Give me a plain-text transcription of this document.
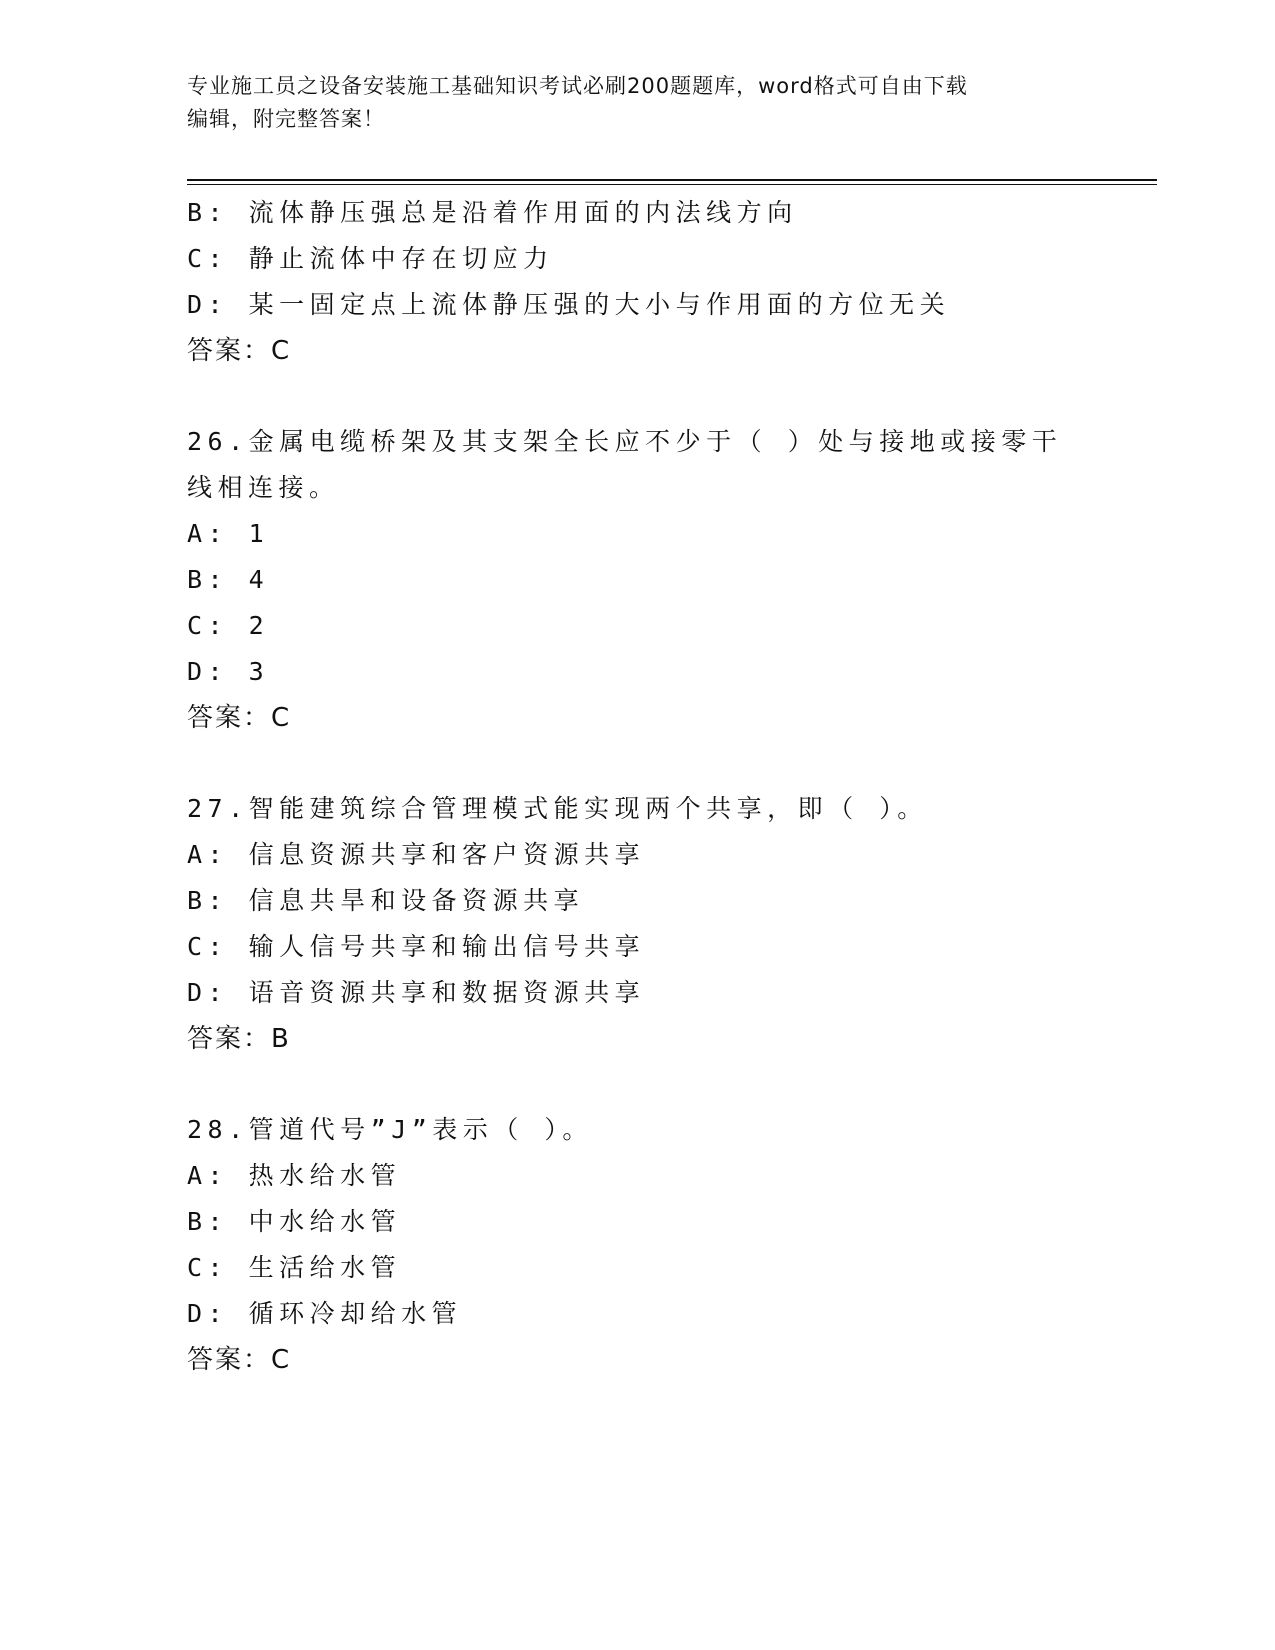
专业施工员之设备安装施工基础知识考试必刷200题题库，word格式可自由下载
编辑，附完整答案！
B: 流体静压强总是沿着作用面的内法线方向
C: 静止流体中存在切应力
D: 某一固定点上流体静压强的大小与作用面的方位无关
答案：C
26.金属电缆桥架及其支架全长应不少于（ ）处与接地或接零干线相连接。
A: 1
B: 4
C: 2
D: 3
答案：C
27.智能建筑综合管理模式能实现两个共享，即（ ）。
A: 信息资源共享和客户资源共享
B: 信息共旱和设备资源共享
C: 输人信号共享和输出信号共享
D: 语音资源共享和数据资源共享
答案：B
28.管道代号”J”表示（ ）。
A: 热水给水管
B: 中水给水管
C: 生活给水管
D: 循环冷却给水管
答案：C
